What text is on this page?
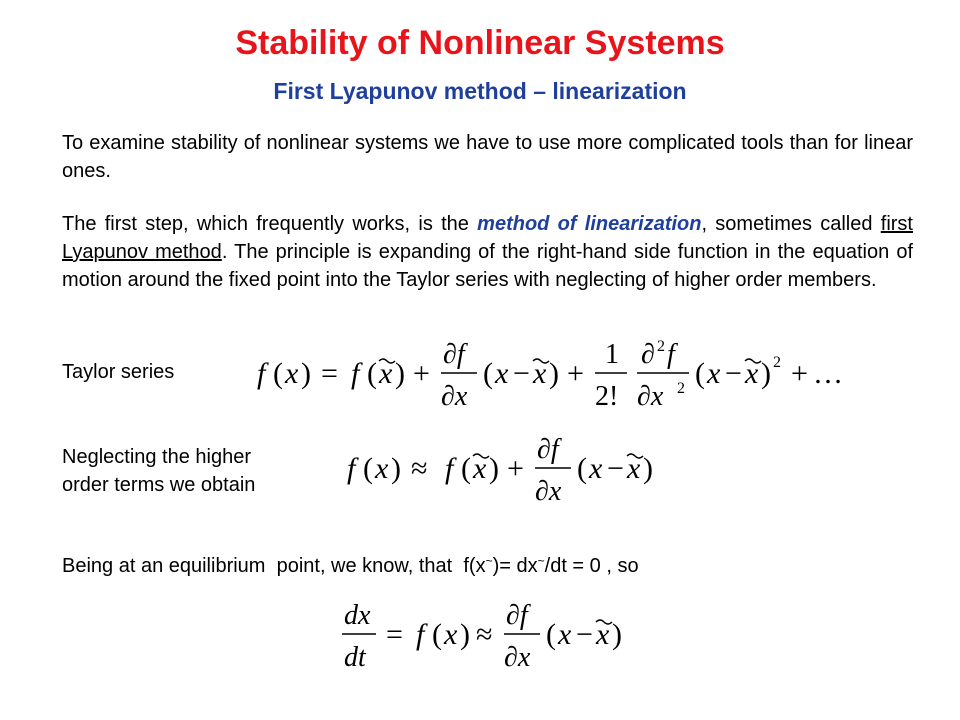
Stability of Nonlinear Systems
First Lyapunov method – linearization

To examine stability of nonlinear systems we have to use more complicated tools than for linear ones.

The first step, which frequently works, is the method of linearization, sometimes called first Lyapunov method. The principle is expanding of the right-hand side function in the equation of motion around the fixed point into the Taylor series with neglecting of higher order members.

Taylor series
Neglecting the higher
order terms we obtain
Being at an equilibrium  point, we know, that  f(x~)= dx~/dt = 0 , so
f ( x ) = f ( x ) +
∂f
∂x
( x − x ) +
1
2!
∂ 2 f
∂x 2 ( x − x ) 2 + …
f ( x ) ≈ f ( x ) +
∂f
∂x
( x − x )
dx
dt
= f ( x ) ≈
∂f
∂x
( x − x )
